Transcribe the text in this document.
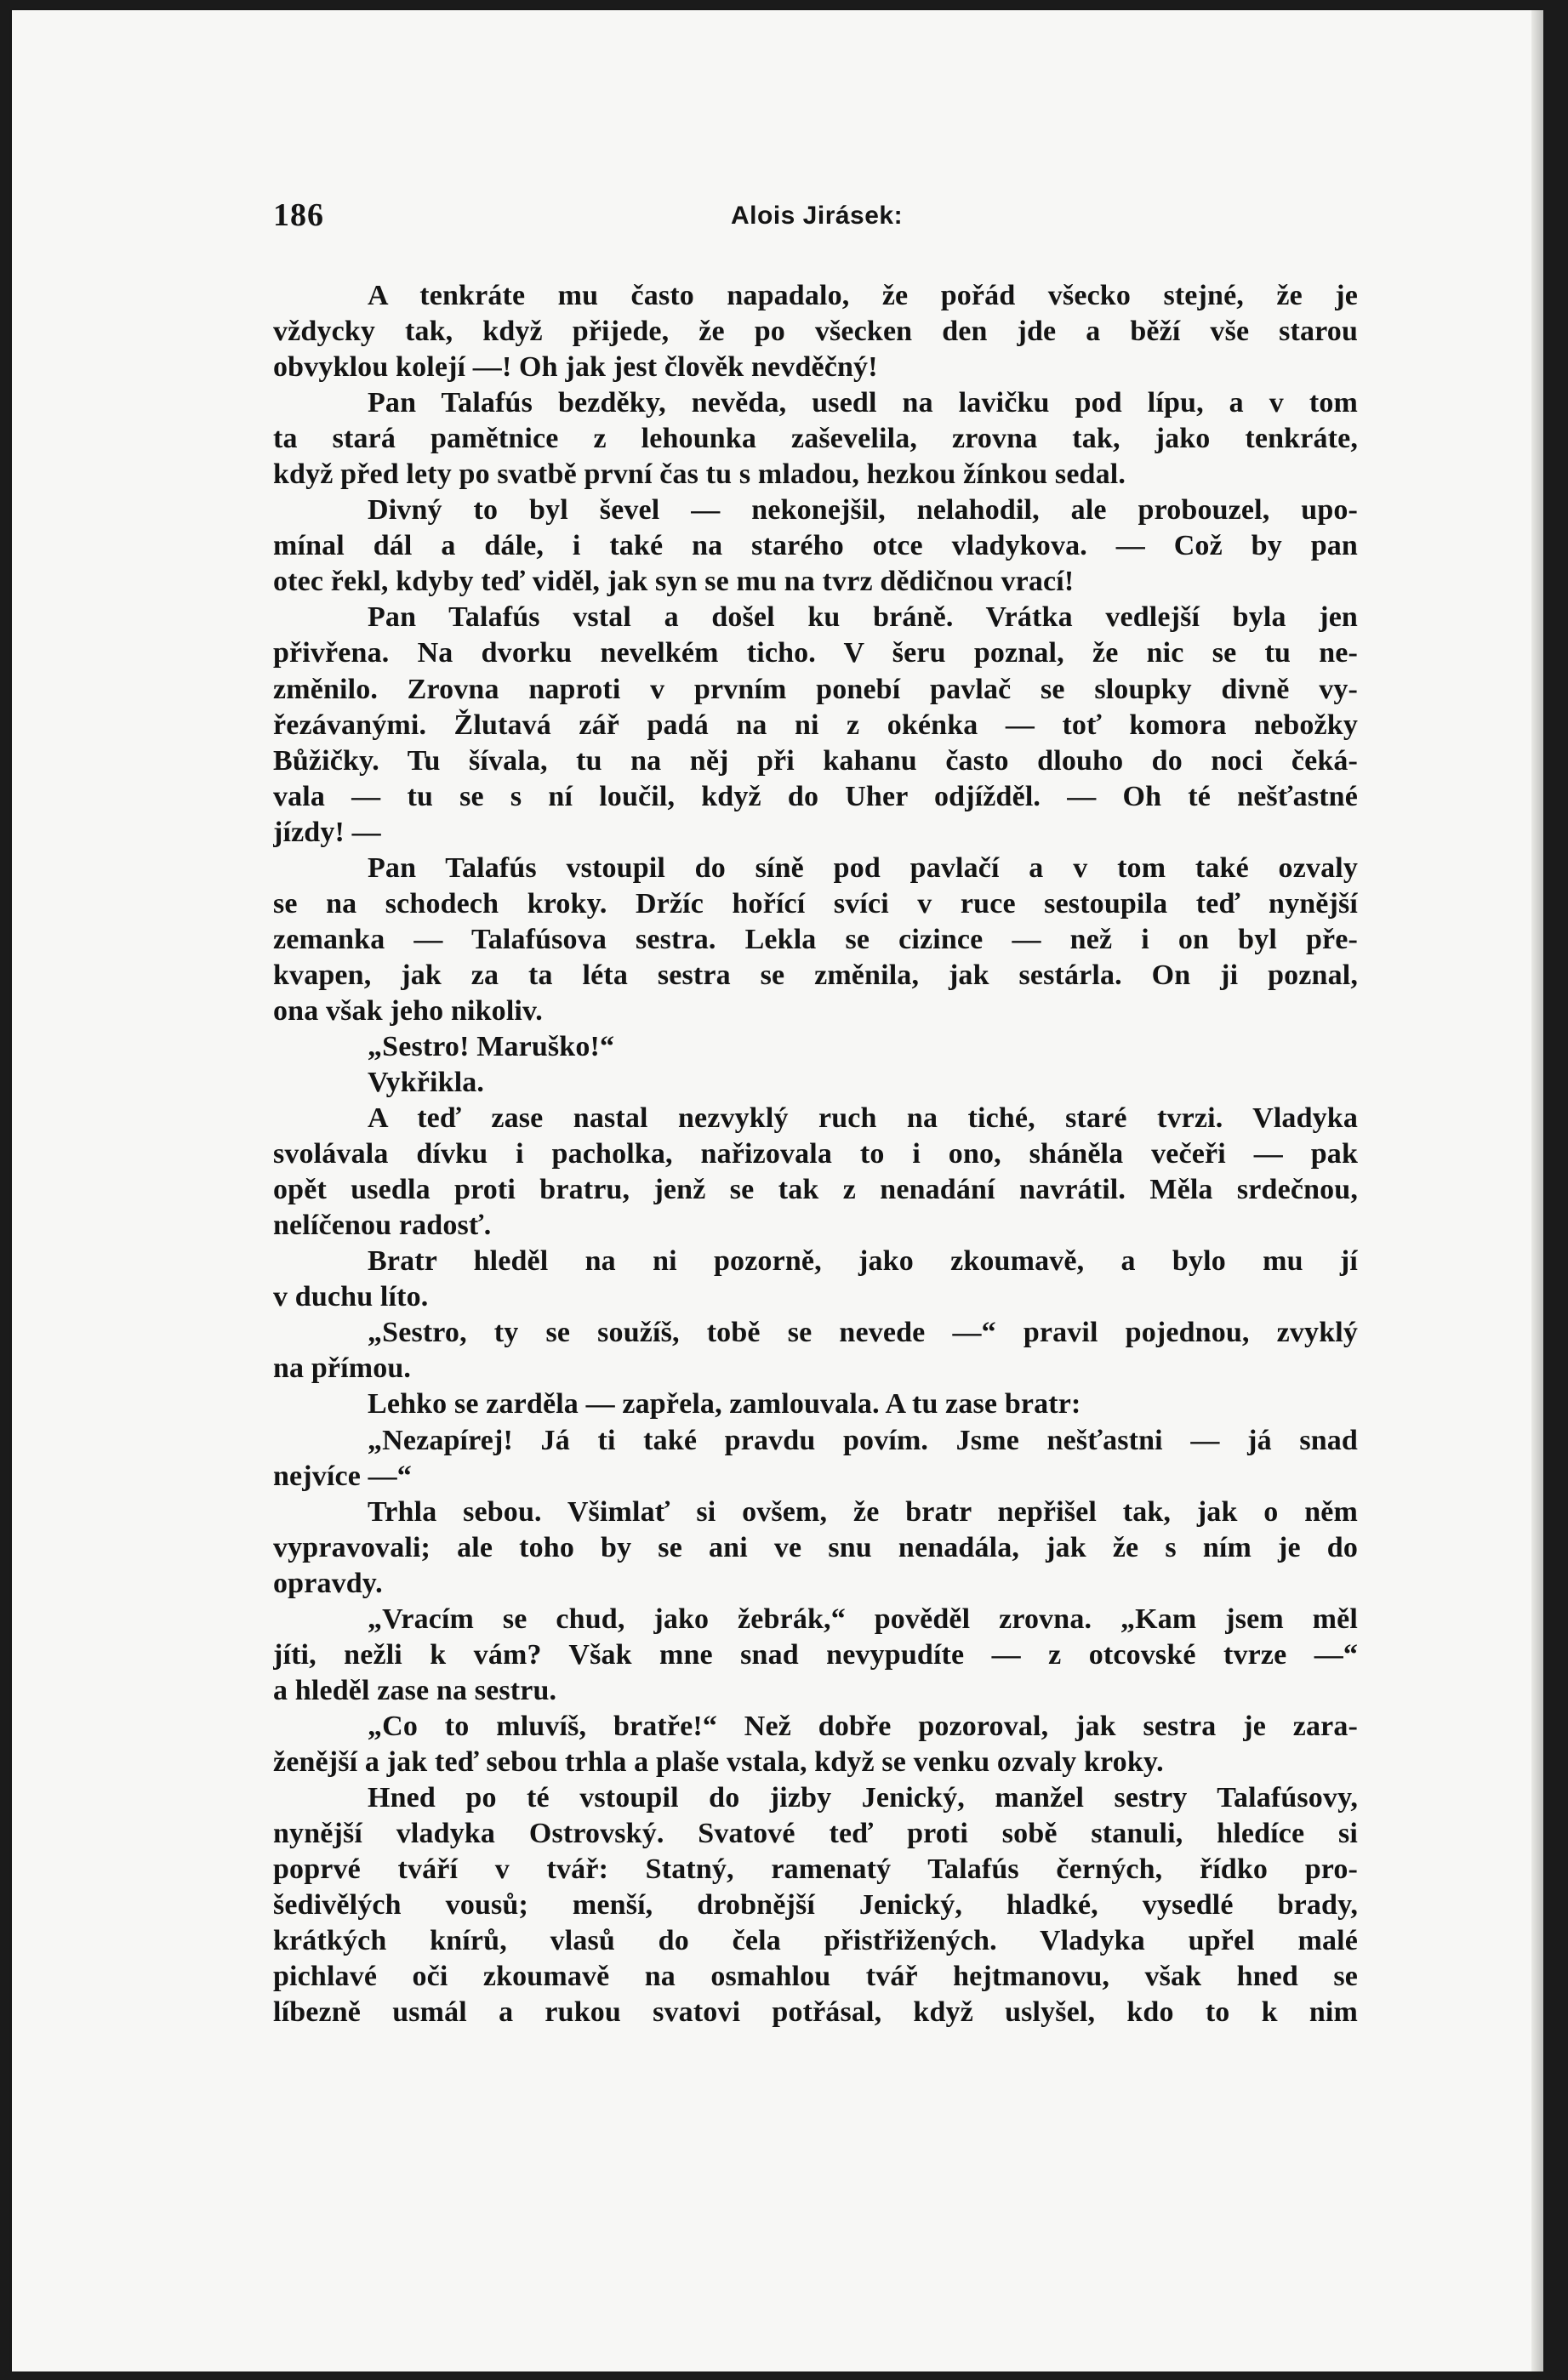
186	Alois Jirásek:
A tenkráte mu často napadalo, že pořád všecko stejné, že je
vždycky tak, když přijede, že po všecken den jde a běží vše starou
obvyklou kolejí —! Oh jak jest člověk nevděčný!
Pan Talafús bezděky, nevěda, usedl na lavičku pod lípu, a v tom
ta stará pamětnice z lehounka zaševelila, zrovna tak, jako tenkráte,
když před lety po svatbě první čas tu s mladou, hezkou žínkou sedal.
Divný to byl ševel — nekonejšil, nelahodil, ale probouzel, upo-
mínal dál a dále, i také na starého otce vladykova. — Což by pan
otec řekl, kdyby teď viděl, jak syn se mu na tvrz dědičnou vrací!
Pan Talafús vstal a došel ku bráně. Vrátka vedlejší byla jen
přivřena. Na dvorku nevelkém ticho. V šeru poznal, že nic se tu ne-
změnilo. Zrovna naproti v prvním ponebí pavlač se sloupky divně vy-
řezávanými. Žlutavá zář padá na ni z okénka — toť komora nebožky
Bůžičky. Tu šívala, tu na něj při kahanu často dlouho do noci čeká-
vala — tu se s ní loučil, když do Uher odjížděl. — Oh té nešťastné
jízdy! —
Pan Talafús vstoupil do síně pod pavlačí a v tom také ozvaly
se na schodech kroky. Držíc hořící svíci v ruce sestoupila teď nynější
zemanka — Talafúsova sestra. Lekla se cizince — než i on byl pře-
kvapen, jak za ta léta sestra se změnila, jak sestárla. On ji poznal,
ona však jeho nikoliv.
„Sestro! Maruško!“
Vykřikla.
A teď zase nastal nezvyklý ruch na tiché, staré tvrzi. Vladyka
svolávala dívku i pacholka, nařizovala to i ono, sháněla večeři — pak
opět usedla proti bratru, jenž se tak z nenadání navrátil. Měla srdečnou,
nelíčenou radosť.
Bratr hleděl na ni pozorně, jako zkoumavě, a bylo mu jí
v duchu líto.
„Sestro, ty se soužíš, tobě se nevede —“ pravil pojednou, zvyklý
na přímou.
Lehko se zarděla — zapřela, zamlouvala. A tu zase bratr:
„Nezapírej! Já ti také pravdu povím. Jsme nešťastni — já snad
nejvíce —“
Trhla sebou. Všimlať si ovšem, že bratr nepřišel tak, jak o něm
vypravovali; ale toho by se ani ve snu nenadála, jak že s ním je do
opravdy.
„Vracím se chud, jako žebrák,“ pověděl zrovna. „Kam jsem měl
jíti, nežli k vám? Však mne snad nevypudíte — z otcovské tvrze —“
a hleděl zase na sestru.
„Co to mluvíš, bratře!“ Než dobře pozoroval, jak sestra je zara-
ženější a jak teď sebou trhla a plaše vstala, když se venku ozvaly kroky.
Hned po té vstoupil do jizby Jenický, manžel sestry Talafúsovy,
nynější vladyka Ostrovský. Svatové teď proti sobě stanuli, hledíce si
poprvé tváří v tvář: Statný, ramenatý Talafús černých, řídko pro-
šedivělých vousů; menší, drobnější Jenický, hladké, vysedlé brady,
krátkých knírů, vlasů do čela přistřižených. Vladyka upřel malé
pichlavé oči zkoumavě na osmahlou tvář hejtmanovu, však hned se
líbezně usmál a rukou svatovi potřásal, když uslyšel, kdo to k nim
